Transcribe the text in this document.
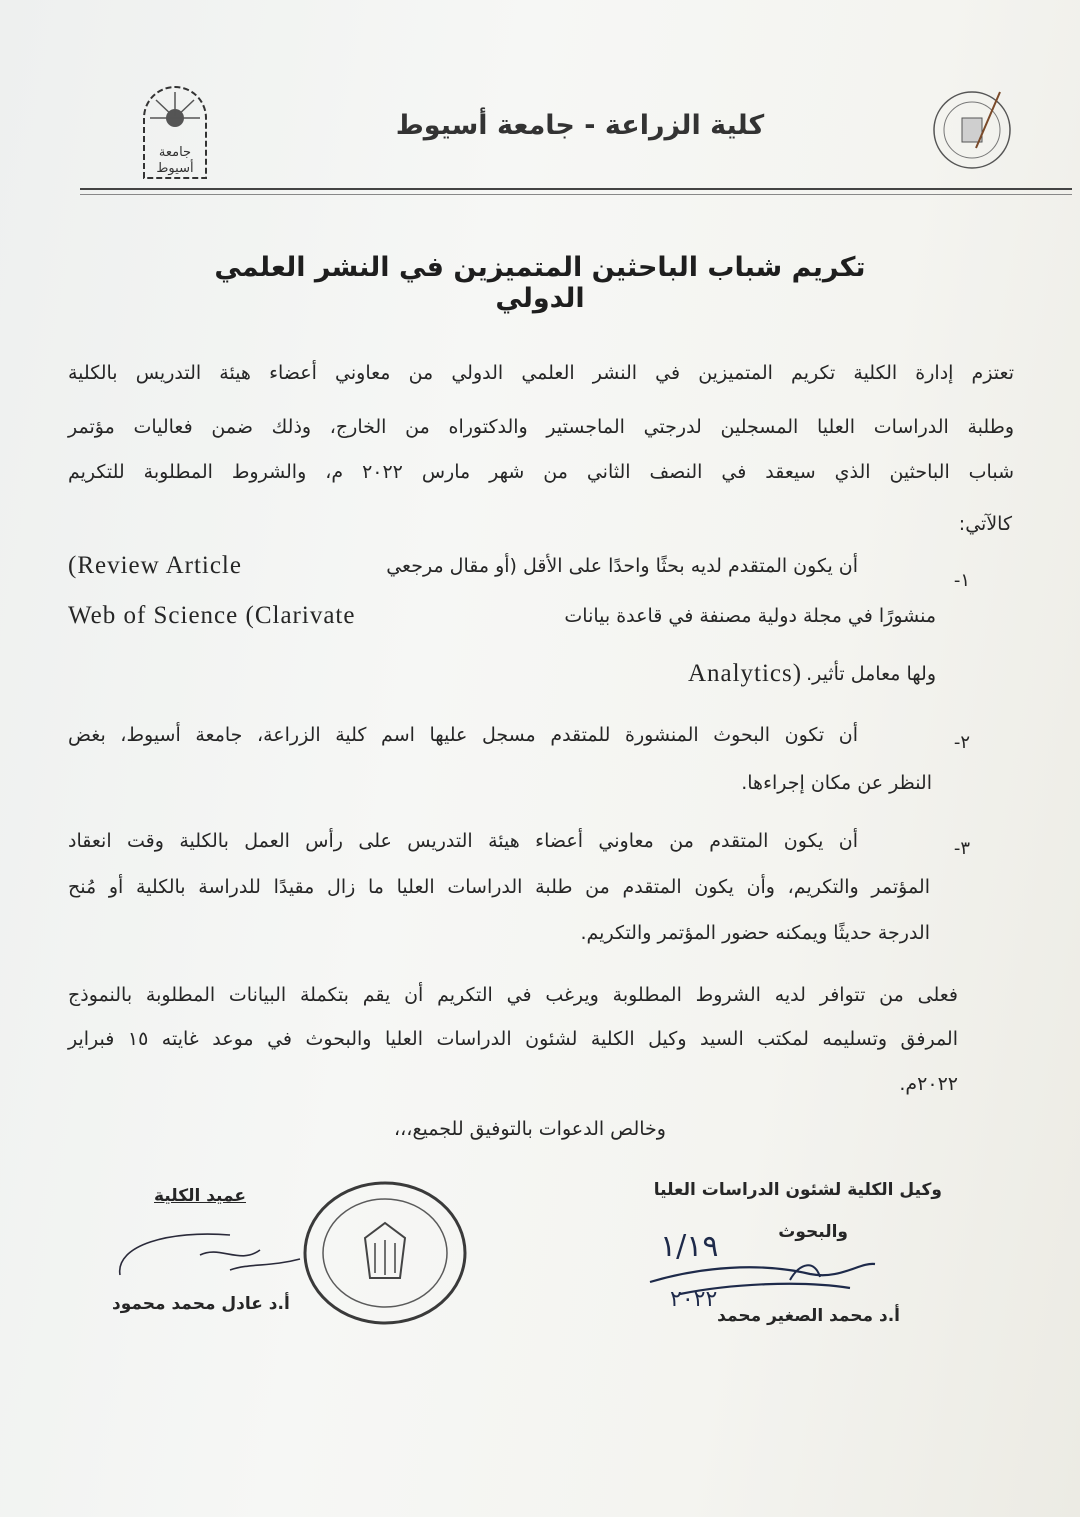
جامعة
أسيوط
كلية الزراعة - جامعة أسيوط
تكريم شباب الباحثين المتميزين في النشر العلمي الدولي
تعتزم إدارة الكلية تكريم المتميزين في النشر العلمي الدولي من معاوني أعضاء هيئة التدريس بالكلية
وطلبة الدراسات العليا المسجلين لدرجتي الماجستير والدكتوراه من الخارج، وذلك ضمن فعاليات مؤتمر
شباب الباحثين الذي سيعقد في النصف الثاني من شهر مارس ٢٠٢٢ م، والشروط المطلوبة للتكريم
كالآتي:
١-
أن يكون المتقدم لديه بحثًا واحدًا على الأقل (أو مقال مرجعي
(Review Article
منشورًا في مجلة دولية مصنفة في قاعدة بيانات
Web of Science (Clarivate
ولها معامل تأثير.
Analytics)
٢-
أن تكون البحوث المنشورة للمتقدم مسجل عليها اسم كلية الزراعة، جامعة أسيوط، بغض
النظر عن مكان إجراءها.
٣-
أن يكون المتقدم من معاوني أعضاء هيئة التدريس على رأس العمل بالكلية وقت انعقاد
المؤتمر والتكريم، وأن يكون المتقدم من طلبة الدراسات العليا ما زال مقيدًا للدراسة بالكلية أو مُنح
الدرجة حديثًا ويمكنه حضور المؤتمر والتكريم.
فعلى من تتوافر لديه الشروط المطلوبة ويرغب في التكريم أن يقم بتكملة البيانات المطلوبة بالنموذج
المرفق وتسليمه لمكتب السيد وكيل الكلية لشئون الدراسات العليا والبحوث في موعد غايته ١٥ فبراير
٢٠٢٢م.
وخالص الدعوات بالتوفيق للجميع،،،
وكيل الكلية لشئون الدراسات العليا
والبحوث
١/١٩
٢٠٢٢
أ.د محمد الصغير محمد
عميد الكلية
أ.د عادل محمد محمود
